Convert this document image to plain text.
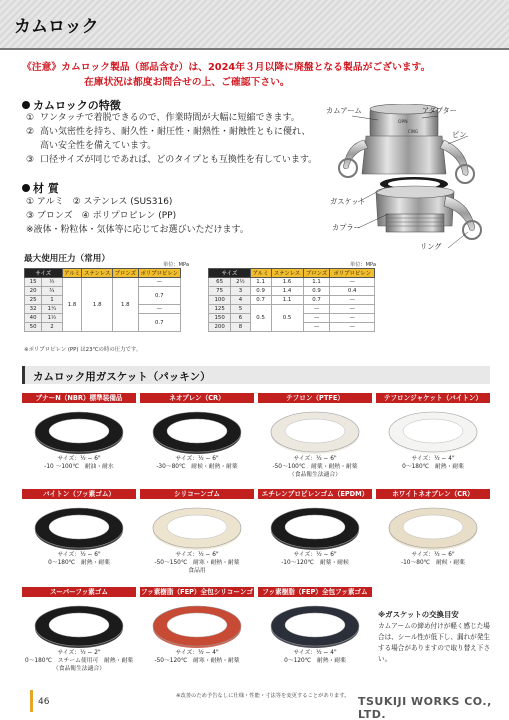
カムロック
《注意》カムロック製品（部品含む）は、2024年３月以降に廃盤となる製品がございます。
在庫状況は都度お問合せの上、ご確認下さい。
カムロックの特徴
① ワンタッチで着脱できるので、作業時間が大幅に短縮できます。
② 高い気密性を持ち、耐久性・耐圧性・耐熱性・耐蝕性ともに優れ、
高い安全性を備えています。
③ 口径サイズが同じであれば、どのタイプとも互換性を有しています。
材 質
① アルミ　② ステンレス (SUS316)
③ ブロンズ　④ ポリプロピレン (PP)
※液体・粉粒体・気体等に応じてお選びいただけます。
OPN
CING
カムアーム	アダプター
ピン
ガスケット
カプラー
リング
最大使用圧力（常用）
単位：MPa	単位：MPa
サイズ		アルミ	ステンレス	ブロンズ	ポリプロピレン
15	½	1.8	1.8	1.8	—
20	¾				0.7
25	1				
32	1¼				—
40	1½				0.7
50	2				
サイズ		アルミ	ステンレス	ブロンズ	ポリプロピレン
65	2½	1.1	1.6	1.1	—
75	3	0.9	1.4	0.9	0.4
100	4	0.7	1.1	0.7	—
125	5	0.5	0.5	—	—
150	6			—	—
200	8			—	—
※ポリプロピレン (PP) は23℃の時の圧力です。
カムロック用ガスケット（パッキン）
ブナーN（NBR）標準装備品
サイズ：½ − 6"
-10 〜100℃　耐油・耐水
ネオプレン（CR）
サイズ：½ − 6"
-30〜80℃　耐候・耐熱・耐薬
テフロン（PTFE）
サイズ：½ − 6"
-50〜100℃　耐薬・耐熱・耐薬
（食品衛生法適合）
テフロンジャケット（バイトン）
サイズ：½ − 4"
0〜180℃　耐熱・耐薬
バイトン（フッ素ゴム）
サイズ：½ − 6"
0〜180℃　耐熱・耐薬
シリコーンゴム
サイズ：½ − 6"
-50〜150℃　耐寒・耐熱・耐薬
食品用
エチレンプロピレンゴム（EPDM）
サイズ：½ − 6"
-10〜120℃　耐薬・耐候
ホワイトネオプレン（CR）
サイズ：½ − 6"
-10〜80℃　耐候・耐薬
スーパーフッ素ゴム
サイズ：½ − 2"
0〜180℃　スチーム使用可　耐熱・耐薬
（食品衛生法適合）
フッ素樹脂（FEP）全包シリコーンゴム
サイズ：½ − 4"
-50〜120℃　耐寒・耐熱・耐薬
フッ素樹脂（FEP）全包フッ素ゴム
サイズ：½ − 4"
0〜120℃　耐熱・耐薬
※ガスケットの交換目安
カムアームの締め付けが軽く感じた場合は、シール性が低下し、漏れが発生する場合がありますので取り替え下さい。
46
※改善のため予告なしに仕様・性能・寸法等を変更することがあります。 TSUKIJI WORKS CO., LTD.
